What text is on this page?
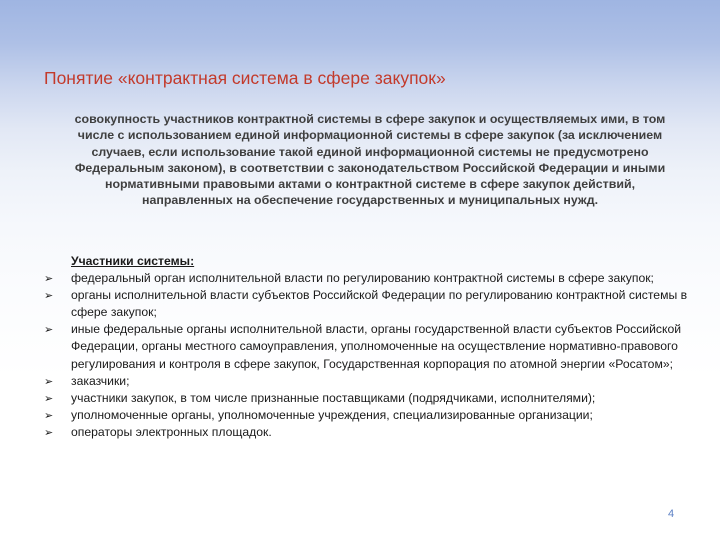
Понятие «контрактная система в сфере закупок»

совокупность участников контрактной системы в сфере закупок и осуществляемых ими, в том числе с использованием единой информационной системы в сфере закупок (за исключением случаев, если использование такой единой информационной системы не предусмотрено Федеральным законом), в соответствии с законодательством Российской Федерации и иными нормативными правовыми актами о контрактной системе в сфере закупок действий, направленных на обеспечение государственных и муниципальных нужд.

Участники системы:
➢ федеральный орган исполнительной власти по регулированию контрактной системы в сфере закупок;
➢ органы исполнительной власти субъектов Российской Федерации по регулированию контрактной системы в сфере закупок;
➢ иные федеральные органы исполнительной власти, органы государственной власти субъектов Российской Федерации, органы местного самоуправления, уполномоченные на осуществление нормативно-правового регулирования и контроля в сфере закупок, Государственная корпорация по атомной энергии «Росатом»;
➢ заказчики;
➢ участники закупок, в том числе признанные поставщиками (подрядчиками, исполнителями);
➢ уполномоченные органы, уполномоченные учреждения, специализированные организации;
➢ операторы электронных площадок.
4
